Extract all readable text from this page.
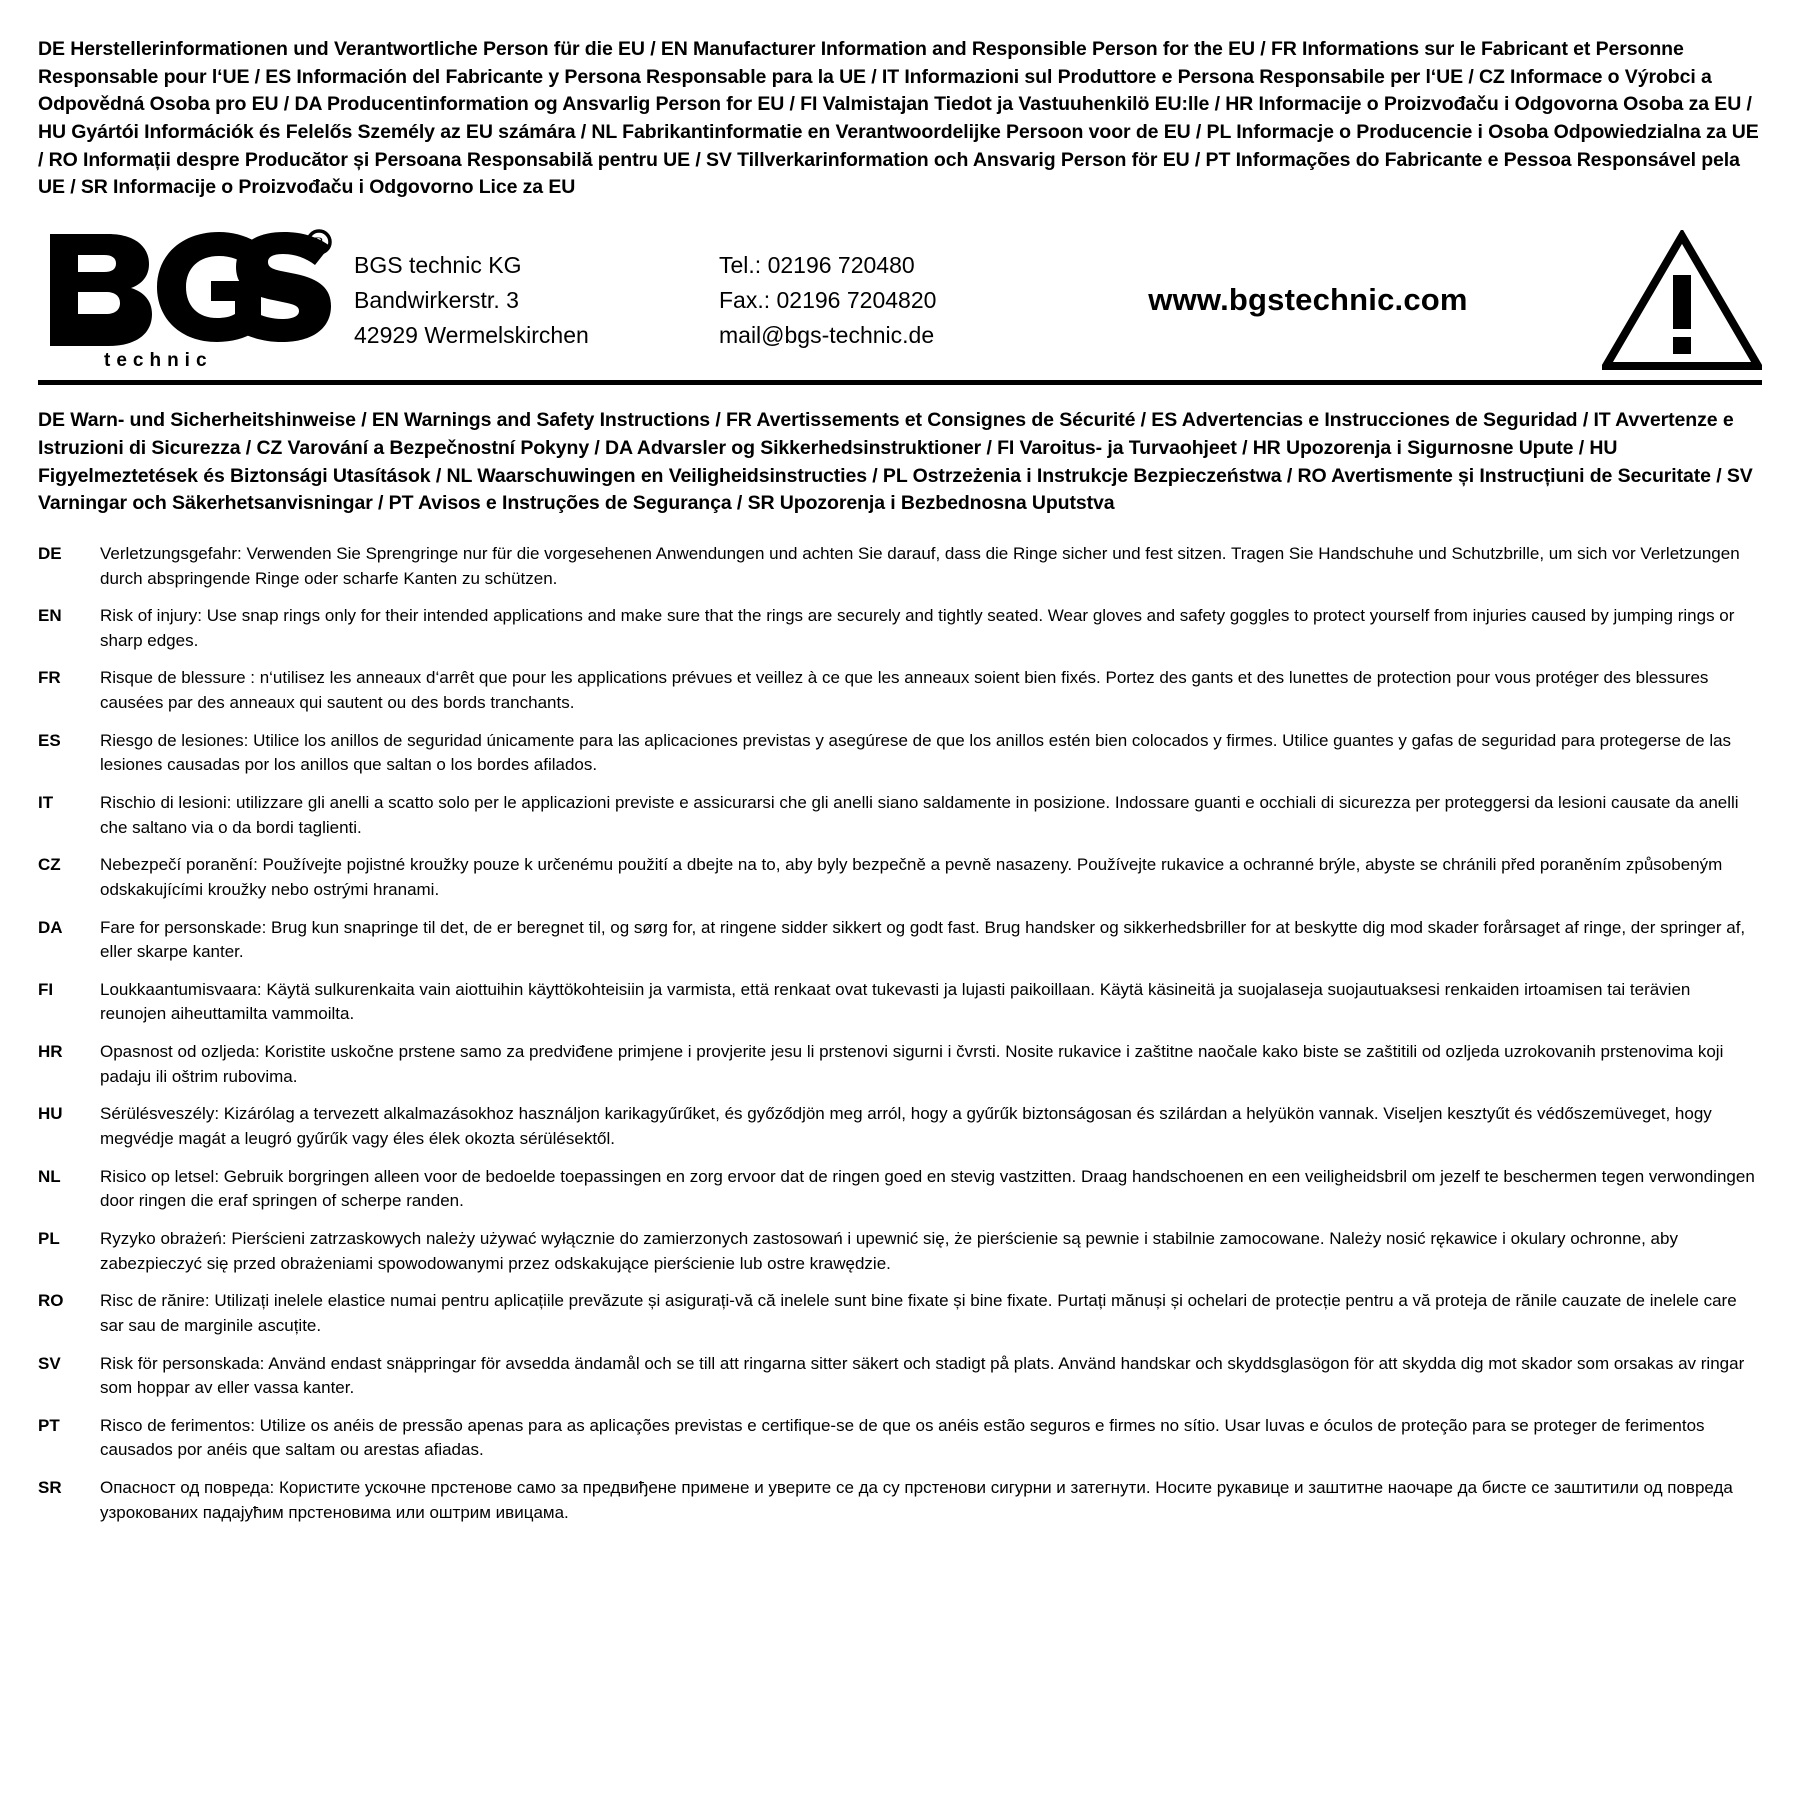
DE Herstellerinformationen und Verantwortliche Person für die EU / EN Manufacturer Information and Responsible Person for the EU / FR Informations sur le Fabricant et Personne Responsable pour l‘UE / ES Información del Fabricante y Persona Responsable para la UE / IT Informazioni sul Produttore e Persona Responsabile per l‘UE / CZ Informace o Výrobci a Odpovědná Osoba pro EU / DA Producentinformation og Ansvarlig Person for EU / FI Valmistajan Tiedot ja Vastuuhenkilö EU:lle / HR Informacije o Proizvođaču i Odgovorna Osoba za EU / HU Gyártói Információk és Felelős Személy az EU számára / NL Fabrikantinformatie en Verantwoordelijke Persoon voor de EU / PL Informacje o Producencie i Osoba Odpowiedzialna za UE / RO Informații despre Producător și Persoana Responsabilă pentru UE / SV Tillverkarinformation och Ansvarig Person för EU / PT Informações do Fabricante e Pessoa Responsável pela UE / SR Informacije o Proizvođaču i Odgovorno Lice za EU
R
technic
BGS technic KG
Bandwirkerstr. 3
42929 Wermelskirchen
Tel.: 02196 720480
Fax.: 02196 7204820
mail@bgs-technic.de
www.bgstechnic.com
DE Warn- und Sicherheitshinweise / EN Warnings and Safety Instructions / FR Avertissements et Consignes de Sécurité / ES Advertencias e Instrucciones de Seguridad / IT Avvertenze e Istruzioni di Sicurezza / CZ Varování a Bezpečnostní Pokyny / DA Advarsler og Sikkerhedsinstruktioner / FI Varoitus- ja Turvaohjeet / HR Upozorenja i Sigurnosne Upute / HU Figyelmeztetések és Biztonsági Utasítások / NL Waarschuwingen en Veiligheidsinstructies / PL Ostrzeżenia i Instrukcje Bezpieczeństwa / RO Avertismente și Instrucțiuni de Securitate / SV Varningar och Säkerhetsanvisningar / PT Avisos e Instruções de Segurança / SR Upozorenja i Bezbednosna Uputstva
DE	Verletzungsgefahr: Verwenden Sie Sprengringe nur für die vorgesehenen Anwendungen und achten Sie darauf, dass die Ringe sicher und fest sitzen. Tragen Sie Handschuhe und Schutzbrille, um sich vor Verletzungen durch abspringende Ringe oder scharfe Kanten zu schützen.
EN	Risk of injury: Use snap rings only for their intended applications and make sure that the rings are securely and tightly seated. Wear gloves and safety goggles to protect yourself from injuries caused by jumping rings or sharp edges.
FR	Risque de blessure : n‘utilisez les anneaux d‘arrêt que pour les applications prévues et veillez à ce que les anneaux soient bien fixés. Portez des gants et des lunettes de protection pour vous protéger des blessures causées par des anneaux qui sautent ou des bords tranchants.
ES	Riesgo de lesiones: Utilice los anillos de seguridad únicamente para las aplicaciones previstas y asegúrese de que los anillos estén bien colocados y firmes. Utilice guantes y gafas de seguridad para protegerse de las lesiones causadas por los anillos que saltan o los bordes afilados.
IT	Rischio di lesioni: utilizzare gli anelli a scatto solo per le applicazioni previste e assicurarsi che gli anelli siano saldamente in posizione. Indossare guanti e occhiali di sicurezza per proteggersi da lesioni causate da anelli che saltano via o da bordi taglienti.
CZ	Nebezpečí poranění: Používejte pojistné kroužky pouze k určenému použití a dbejte na to, aby byly bezpečně a pevně nasazeny. Používejte rukavice a ochranné brýle, abyste se chránili před poraněním způsobeným odskakujícími kroužky nebo ostrými hranami.
DA	Fare for personskade: Brug kun snapringe til det, de er beregnet til, og sørg for, at ringene sidder sikkert og godt fast. Brug handsker og sikkerhedsbriller for at beskytte dig mod skader forårsaget af ringe, der springer af, eller skarpe kanter.
FI	Loukkaantumisvaara: Käytä sulkurenkaita vain aiottuihin käyttökohteisiin ja varmista, että renkaat ovat tukevasti ja lujasti paikoillaan. Käytä käsineitä ja suojalaseja suojautuaksesi renkaiden irtoamisen tai terävien reunojen aiheuttamilta vammoilta.
HR	Opasnost od ozljeda: Koristite uskočne prstene samo za predviđene primjene i provjerite jesu li prstenovi sigurni i čvrsti. Nosite rukavice i zaštitne naočale kako biste se zaštitili od ozljeda uzrokovanih prstenovima koji padaju ili oštrim rubovima.
HU	Sérülésveszély: Kizárólag a tervezett alkalmazásokhoz használjon karikagyűrűket, és győződjön meg arról, hogy a gyűrűk biztonságosan és szilárdan a helyükön vannak. Viseljen kesztyűt és védőszemüveget, hogy megvédje magát a leugró gyűrűk vagy éles élek okozta sérülésektől.
NL	Risico op letsel: Gebruik borgringen alleen voor de bedoelde toepassingen en zorg ervoor dat de ringen goed en stevig vastzitten. Draag handschoenen en een veiligheidsbril om jezelf te beschermen tegen verwondingen door ringen die eraf springen of scherpe randen.
PL	Ryzyko obrażeń: Pierścieni zatrzaskowych należy używać wyłącznie do zamierzonych zastosowań i upewnić się, że pierścienie są pewnie i stabilnie zamocowane. Należy nosić rękawice i okulary ochronne, aby zabezpieczyć się przed obrażeniami spowodowanymi przez odskakujące pierścienie lub ostre krawędzie.
RO	Risc de rănire: Utilizați inelele elastice numai pentru aplicațiile prevăzute și asigurați-vă că inelele sunt bine fixate și bine fixate. Purtați mănuși și ochelari de protecție pentru a vă proteja de rănile cauzate de inelele care sar sau de marginile ascuțite.
SV	Risk för personskada: Använd endast snäppringar för avsedda ändamål och se till att ringarna sitter säkert och stadigt på plats. Använd handskar och skyddsglasögon för att skydda dig mot skador som orsakas av ringar som hoppar av eller vassa kanter.
PT	Risco de ferimentos: Utilize os anéis de pressão apenas para as aplicações previstas e certifique-se de que os anéis estão seguros e firmes no sítio. Usar luvas e óculos de proteção para se proteger de ferimentos causados por anéis que saltam ou arestas afiadas.
SR	Опасност од повреда: Користите ускочне прстенове само за предвиђене примене и уверите се да су прстенови сигурни и затегнути. Носите рукавице и заштитне наочаре да бисте се заштитили од повреда узрокованих падајућим прстеновима или оштрим ивицама.
